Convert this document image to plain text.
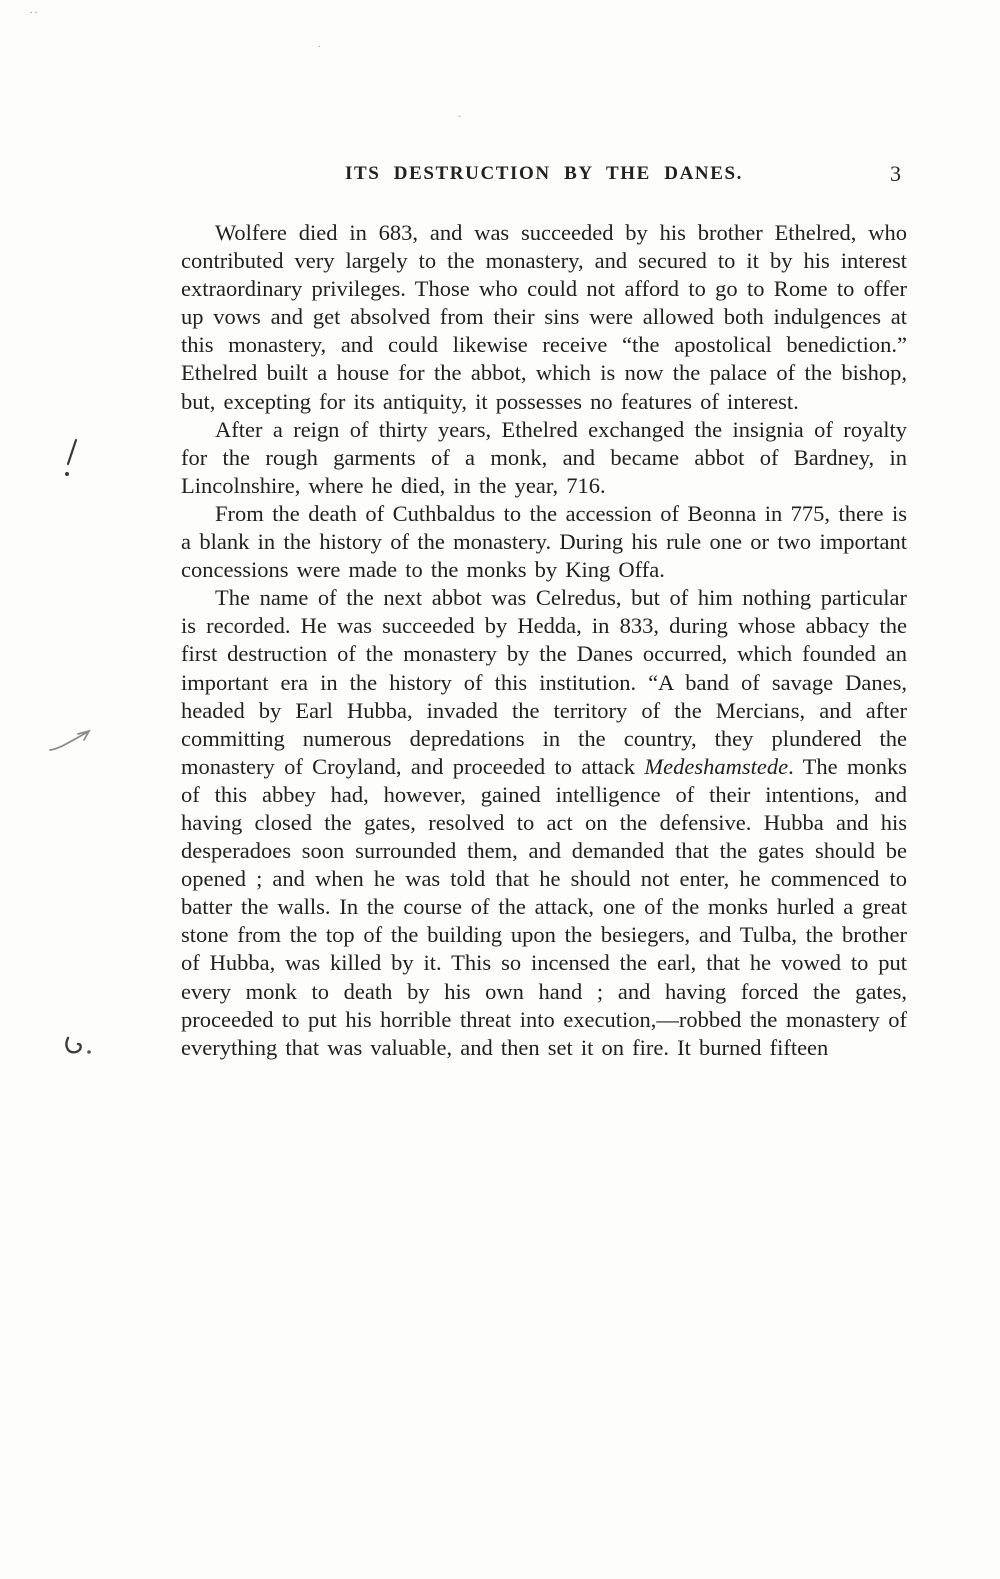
..
.
.
ITS DESTRUCTION BY THE DANES.	3

Wolfere died in 683, and was succeeded by his brother Ethelred, who contributed very largely to the monastery, and secured to it by his interest extraordinary privileges. Those who could not afford to go to Rome to offer up vows and get absolved from their sins were allowed both indulgences at this monastery, and could likewise receive “the apostolical benediction.” Ethelred built a house for the abbot, which is now the palace of the bishop, but, excepting for its antiquity, it possesses no features of interest.

After a reign of thirty years, Ethelred exchanged the insignia of royalty for the rough garments of a monk, and became abbot of Bardney, in Lincolnshire, where he died, in the year, 716.

From the death of Cuthbaldus to the accession of Beonna in 775, there is a blank in the history of the monastery. During his rule one or two important concessions were made to the monks by King Offa.

The name of the next abbot was Celredus, but of him nothing particular is recorded. He was succeeded by Hedda, in 833, during whose abbacy the first destruction of the monastery by the Danes occurred, which founded an important era in the history of this institution. “A band of savage Danes, headed by Earl Hubba, invaded the territory of the Mercians, and after committing numerous depredations in the country, they plundered the monastery of Croyland, and proceeded to attack Medeshamstede. The monks of this abbey had, however, gained intelligence of their intentions, and having closed the gates, resolved to act on the defensive. Hubba and his desperadoes soon surrounded them, and demanded that the gates should be opened ; and when he was told that he should not enter, he commenced to batter the walls. In the course of the attack, one of the monks hurled a great stone from the top of the building upon the besiegers, and Tulba, the brother of Hubba, was killed by it. This so incensed the earl, that he vowed to put every monk to death by his own hand ; and having forced the gates, proceeded to put his horrible threat into execution,—robbed the monastery of everything that was valuable, and then set it on fire. It burned fifteen
